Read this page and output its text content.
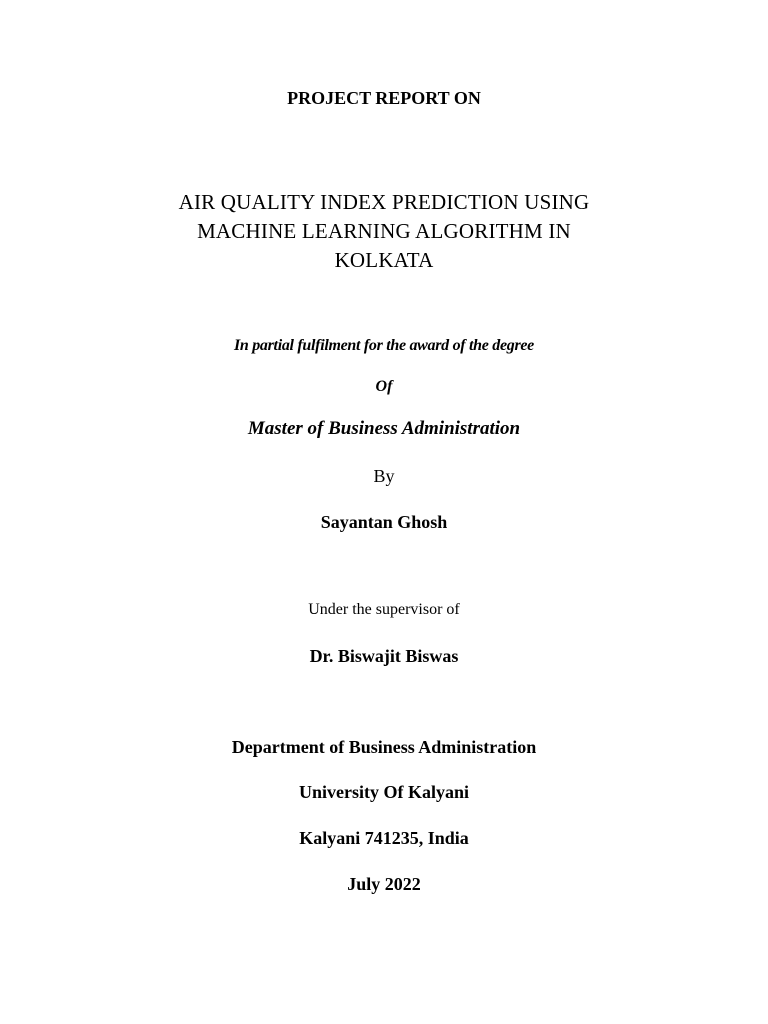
PROJECT REPORT ON

AIR QUALITY INDEX PREDICTION USING
MACHINE LEARNING ALGORITHM IN
KOLKATA

In partial fulfilment for the award of the degree

Of

Master of Business Administration

By

Sayantan Ghosh

Under the supervisor of

Dr. Biswajit Biswas

Department of Business Administration

University Of Kalyani

Kalyani 741235, India

July 2022
